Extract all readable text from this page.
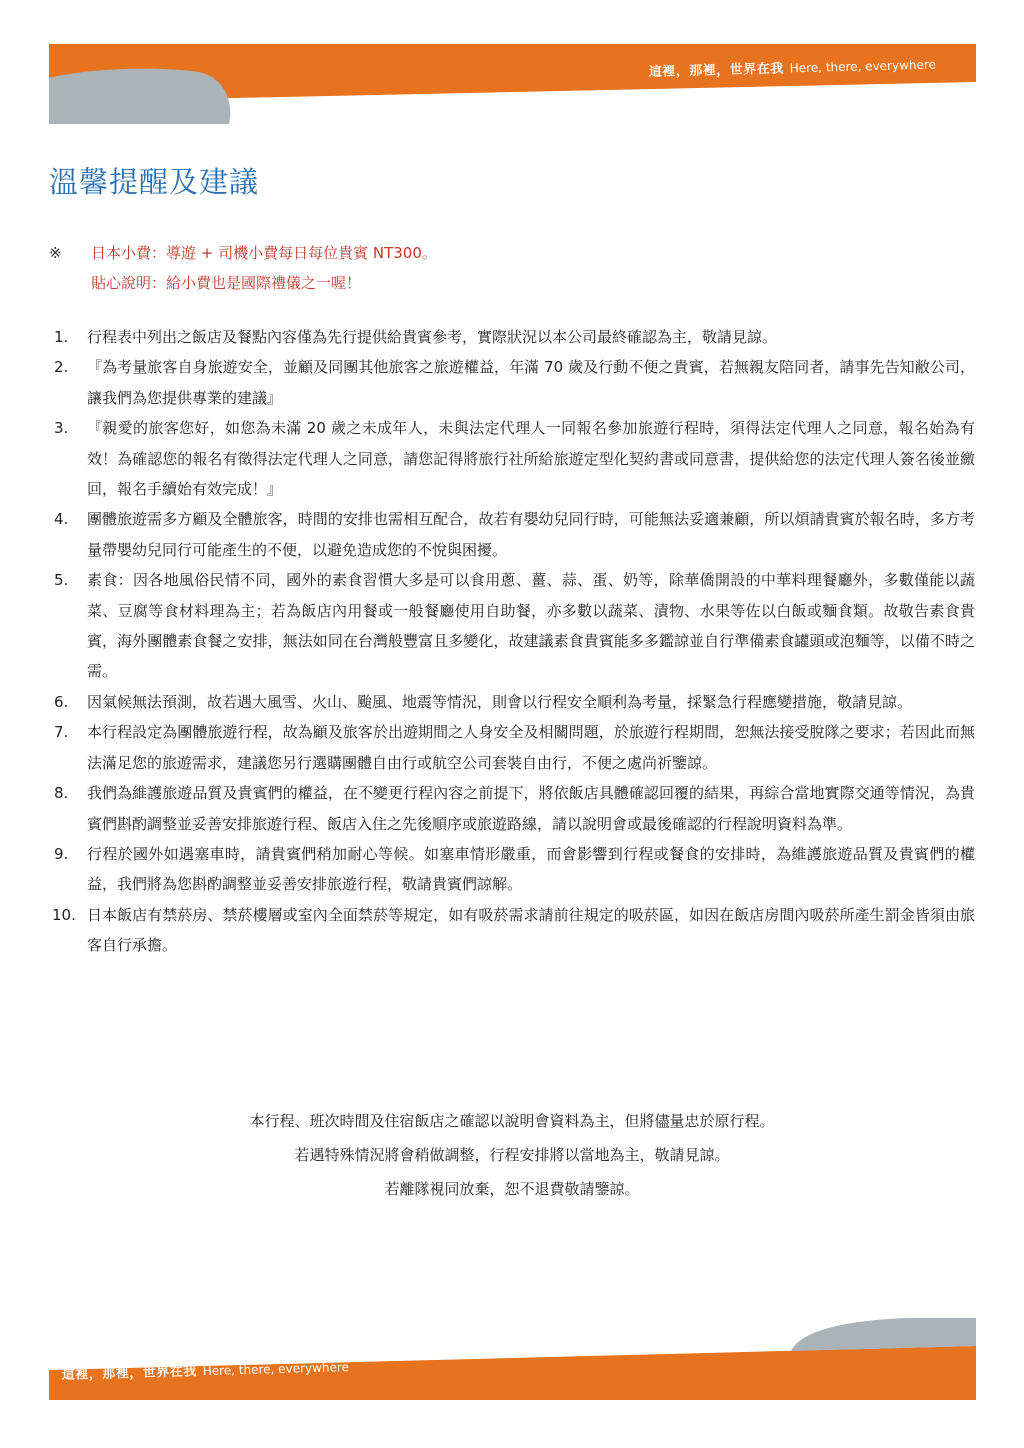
這裡，那裡，世界在我 Here, there, everywhere
溫馨提醒及建議
※ 日本小費：導遊 + 司機小費每日每位貴賓 NT300。
貼心說明：給小費也是國際禮儀之一喔！
1. 行程表中列出之飯店及餐點內容僅為先行提供給貴賓參考，實際狀況以本公司最終確認為主，敬請見諒。
2. 『為考量旅客自身旅遊安全，並顧及同團其他旅客之旅遊權益，年滿 70 歲及行動不便之貴賓，若無親友陪同者，請事先告知敝公司，讓我們為您提供專業的建議』
3. 『親愛的旅客您好，如您為未滿 20 歲之未成年人，未與法定代理人一同報名參加旅遊行程時，須得法定代理人之同意，報名始為有效！為確認您的報名有徵得法定代理人之同意，請您記得將旅行社所給旅遊定型化契約書或同意書，提供給您的法定代理人簽名後並繳回，報名手續始有效完成！』
4. 團體旅遊需多方顧及全體旅客，時間的安排也需相互配合，故若有嬰幼兒同行時，可能無法妥適兼顧，所以煩請貴賓於報名時，多方考量帶嬰幼兒同行可能產生的不便，以避免造成您的不悅與困擾。
5. 素食：因各地風俗民情不同，國外的素食習慣大多是可以食用蔥、薑、蒜、蛋、奶等，除華僑開設的中華料理餐廳外，多數僅能以蔬菜、豆腐等食材料理為主；若為飯店內用餐或一般餐廳使用自助餐，亦多數以蔬菜、漬物、水果等佐以白飯或麵食類。故敬告素食貴賓，海外團體素食餐之安排，無法如同在台灣般豐富且多變化，故建議素食貴賓能多多鑑諒並自行準備素食罐頭或泡麵等，以備不時之需。
6. 因氣候無法預測，故若遇大風雪、火山、颱風、地震等情況，則會以行程安全順利為考量，採緊急行程應變措施，敬請見諒。
7. 本行程設定為團體旅遊行程，故為顧及旅客於出遊期間之人身安全及相關問題，於旅遊行程期間，恕無法接受脫隊之要求；若因此而無法滿足您的旅遊需求，建議您另行選購團體自由行或航空公司套裝自由行，不便之處尚祈鑒諒。
8. 我們為維護旅遊品質及貴賓們的權益，在不變更行程內容之前提下，將依飯店具體確認回覆的結果，再綜合當地實際交通等情況，為貴賓們斟酌調整並妥善安排旅遊行程、飯店入住之先後順序或旅遊路線，請以說明會或最後確認的行程說明資料為準。
9. 行程於國外如遇塞車時，請貴賓們稍加耐心等候。如塞車情形嚴重，而會影響到行程或餐食的安排時，為維護旅遊品質及貴賓們的權益，我們將為您斟酌調整並妥善安排旅遊行程，敬請貴賓們諒解。
10. 日本飯店有禁菸房、禁菸樓層或室內全面禁菸等規定，如有吸菸需求請前往規定的吸菸區，如因在飯店房間內吸菸所產生罰金皆須由旅客自行承擔。
本行程、班次時間及住宿飯店之確認以說明會資料為主，但將儘量忠於原行程。
若遇特殊情況將會稍做調整，行程安排將以當地為主，敬請見諒。
若離隊視同放棄，恕不退費敬請鑒諒。
這裡，那裡，世界在我 Here, there, everywhere
